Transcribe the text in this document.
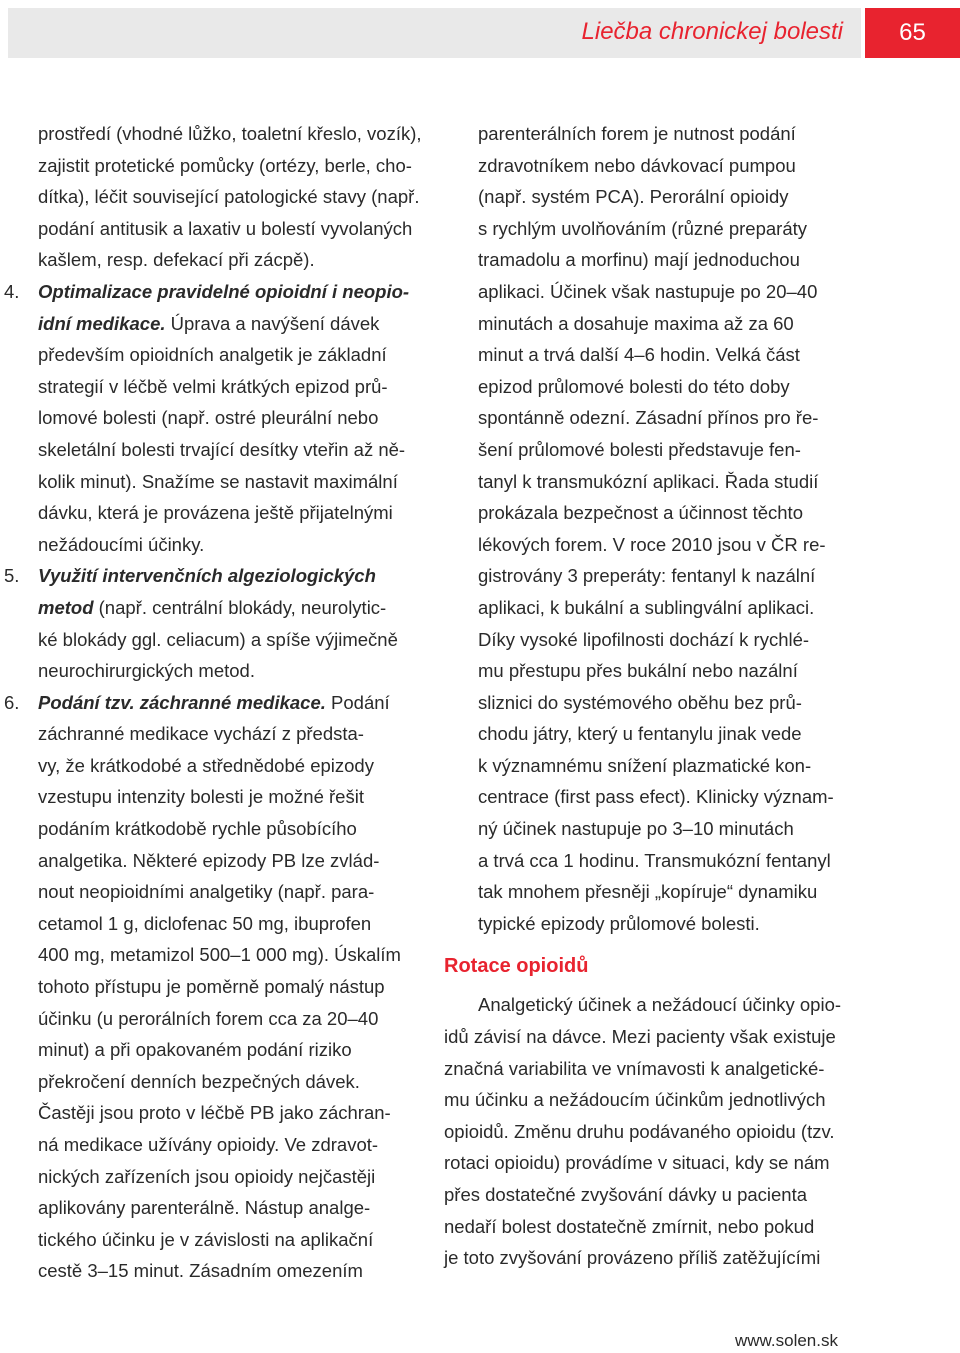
Liečba chronickej bolesti	65
prostředí (vhodné lůžko, toaletní křeslo, vozík),
zajistit protetické pomůcky (ortézy, berle, cho-
dítka), léčit související patologické stavy (např.
podání antitusik a laxativ u bolestí vyvolaných
kašlem, resp. defekací při zácpě).
4. Optimalizace pravidelné opioidní i neopio-
idní medikace. Úprava a navýšení dávek
především opioidních analgetik je základní
strategií v léčbě velmi krátkých epizod prů-
lomové bolesti (např. ostré pleurální nebo
skeletální bolesti trvající desítky vteřin až ně-
kolik minut). Snažíme se nastavit maximální
dávku, která je provázena ještě přijatelnými
nežádoucími účinky.
5. Využití intervenčních algeziologických
metod (např. centrální blokády, neurolytic-
ké blokády ggl. celiacum) a spíše výjimečně
neurochirurgických metod.
6. Podání tzv. záchranné medikace. Podání
záchranné medikace vychází z předsta-
vy, že krátkodobé a střednědobé epizody
vzestupu intenzity bolesti je možné řešit
podáním krátkodobě rychle působícího
analgetika. Některé epizody PB lze zvlád-
nout neopioidními analgetiky (např. para-
cetamol 1 g, diclofenac 50 mg, ibuprofen
400 mg, metamizol 500–1 000 mg). Úskalím
tohoto přístupu je poměrně pomalý nástup
účinku (u perorálních forem cca za 20–40
minut) a při opakovaném podání riziko
překročení denních bezpečných dávek.
Častěji jsou proto v léčbě PB jako záchran-
ná medikace užívány opioidy. Ve zdravot-
nických zařízeních jsou opioidy nejčastěji
aplikovány parenterálně. Nástup analge-
tického účinku je v závislosti na aplikační
cestě 3–15 minut. Zásadním omezením
parenterálních forem je nutnost podání
zdravotníkem nebo dávkovací pumpou
(např. systém PCA). Perorální opioidy
s rychlým uvolňováním (různé preparáty
tramadolu a morfinu) mají jednoduchou
aplikaci. Účinek však nastupuje po 20–40
minutách a dosahuje maxima až za 60
minut a trvá další 4–6 hodin. Velká část
epizod průlomové bolesti do této doby
spontánně odezní. Zásadní přínos pro ře-
šení průlomové bolesti představuje fen-
tanyl k transmukózní aplikaci. Řada studií
prokázala bezpečnost a účinnost těchto
lékových forem. V roce 2010 jsou v ČR re-
gistrovány 3 preperáty: fentanyl k nazální
aplikaci, k bukální a sublingvální aplikaci.
Díky vysoké lipofilnosti dochází k rychlé-
mu přestupu přes bukální nebo nazální
sliznici do systémového oběhu bez prů-
chodu játry, který u fentanylu jinak vede
k významnému snížení plazmatické kon-
centrace (first pass efect). Klinicky význam-
ný účinek nastupuje po 3–10 minutách
a trvá cca 1 hodinu. Transmukózní fentanyl
tak mnohem přesněji „kopíruje“ dynamiku
typické epizody průlomové bolesti.
Rotace opioidů
Analgetický účinek a nežádoucí účinky opio-
idů závisí na dávce. Mezi pacienty však existuje
značná variabilita ve vnímavosti k analgetické-
mu účinku a nežádoucím účinkům jednotlivých
opioidů. Změnu druhu podávaného opioidu (tzv.
rotaci opioidu) provádíme v situaci, kdy se nám
přes dostatečné zvyšování dávky u pacienta
nedaří bolest dostatečně zmírnit, nebo pokud
je toto zvyšování provázeno příliš zatěžujícími
www.solen.sk
